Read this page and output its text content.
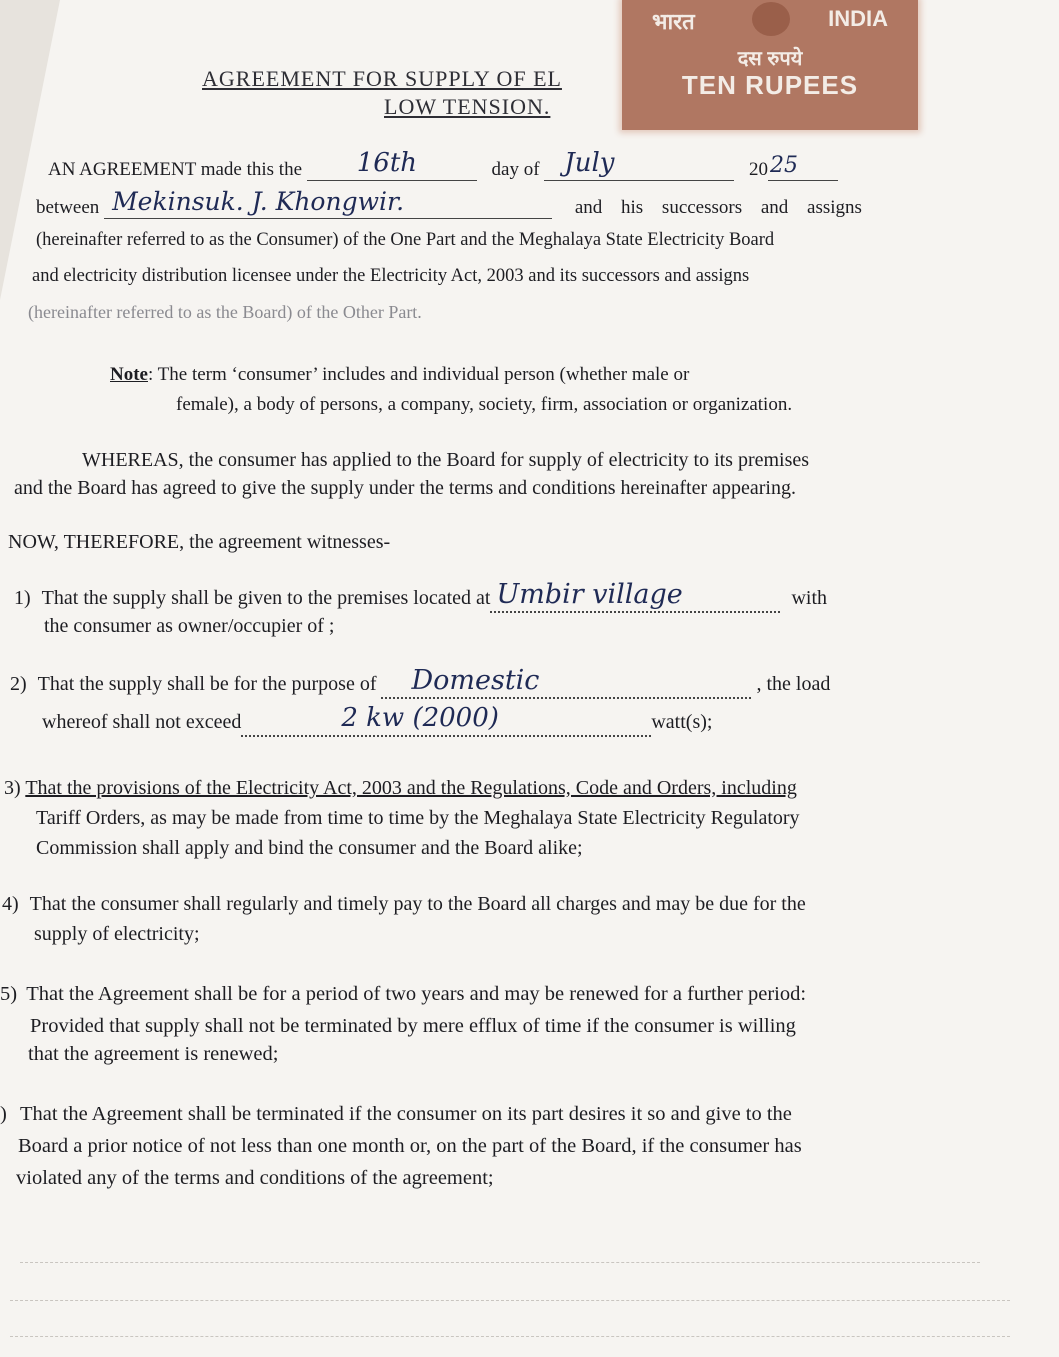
भारत	INDIA
दस रुपये
TEN RUPEES
AGREEMENT FOR SUPPLY OF EL
LOW TENSION.
AN AGREEMENT made this the 16th	day of July	20 25
between Mekinsuk. J. Khongwir.	and his successors and assigns
(hereinafter referred to as the Consumer) of the One Part and the Meghalaya State Electricity Board
and electricity distribution licensee under the Electricity Act, 2003 and its successors and assigns
(hereinafter referred to as the Board) of the Other Part.
Note: The term ‘consumer’ includes and individual person (whether male or
female), a body of persons, a company, society, firm, association or organization.
WHEREAS, the consumer has applied to the Board for supply of electricity to its premises
and the Board has agreed to give the supply under the terms and conditions hereinafter appearing.
NOW, THEREFORE, the agreement witnesses-
1) That the supply shall be given to the premises located at Umbir village	with
the consumer as owner/occupier of ;
2) That the supply shall be for the purpose of Domestic	, the load
whereof shall not exceed	2 kw (2000)	watt(s);
3) That the provisions of the Electricity Act, 2003 and the Regulations, Code and Orders, including
Tariff Orders, as may be made from time to time by the Meghalaya State Electricity Regulatory
Commission shall apply and bind the consumer and the Board alike;
4) That the consumer shall regularly and timely pay to the Board all charges and may be due for the
supply of electricity;
5) That the Agreement shall be for a period of two years and may be renewed for a further period:
Provided that supply shall not be terminated by mere efflux of time if the consumer is willing
that the agreement is renewed;
) That the Agreement shall be terminated if the consumer on its part desires it so and give to the
Board a prior notice of not less than one month or, on the part of the Board, if the consumer has
violated any of the terms and conditions of the agreement;
